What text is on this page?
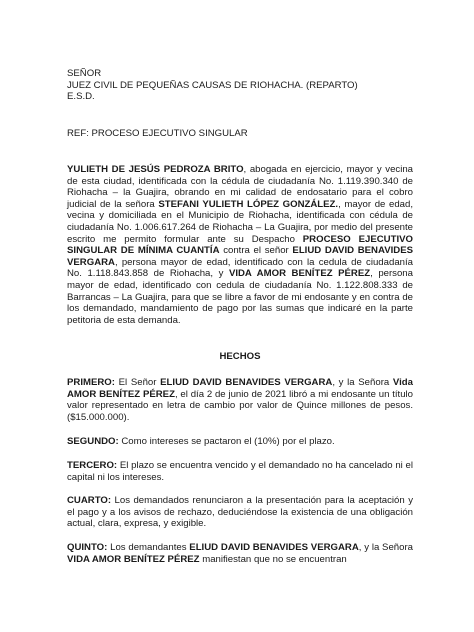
SEÑOR
JUEZ CIVIL DE PEQUEÑAS CAUSAS DE RIOHACHA. (REPARTO)
E.S.D.
REF: PROCESO EJECUTIVO SINGULAR

YULIETH DE JESÚS PEDROZA BRITO, abogada en ejercicio, mayor y vecina de esta ciudad, identificada con la cédula de ciudadanía No. 1.119.390.340 de Riohacha – la Guajira, obrando en mi calidad de endosatario para el cobro judicial de la señora STEFANI YULIETH LÓPEZ GONZÁLEZ., mayor de edad, vecina y domiciliada en el Municipio de Riohacha, identificada con cédula de ciudadanía No. 1.006.617.264 de Riohacha – La Guajira, por medio del presente escrito me permito formular ante su Despacho PROCESO EJECUTIVO SINGULAR DE MÍNIMA CUANTÍA contra el señor ELIUD DAVID BENAVIDES VERGARA, persona mayor de edad, identificado con la cedula de ciudadanía No. 1.118.843.858 de Riohacha, y VIDA AMOR BENÍTEZ PÉREZ, persona mayor de edad, identificado con cedula de ciudadanía No. 1.122.808.333 de Barrancas – La Guajira, para que se libre a favor de mi endosante y en contra de los demandado, mandamiento de pago por las sumas que indicaré en la parte petitoria de esta demanda.

HECHOS

PRIMERO: El Señor ELIUD DAVID BENAVIDES VERGARA, y la Señora Vida AMOR BENÍTEZ PÉREZ, el día 2 de junio de 2021 libró a mi endosante un título valor representado en letra de cambio por valor de Quince millones de pesos. ($15.000.000).

SEGUNDO: Como intereses se pactaron el (10%) por el plazo.

TERCERO: El plazo se encuentra vencido y el demandado no ha cancelado ni el capital ni los intereses.

CUARTO: Los demandados renunciaron a la presentación para la aceptación y el pago y a los avisos de rechazo, deduciéndose la existencia de una obligación actual, clara, expresa, y exigible.

QUINTO: Los demandantes ELIUD DAVID BENAVIDES VERGARA, y la Señora VIDA AMOR BENÍTEZ PÉREZ manifiestan que no se encuentran
